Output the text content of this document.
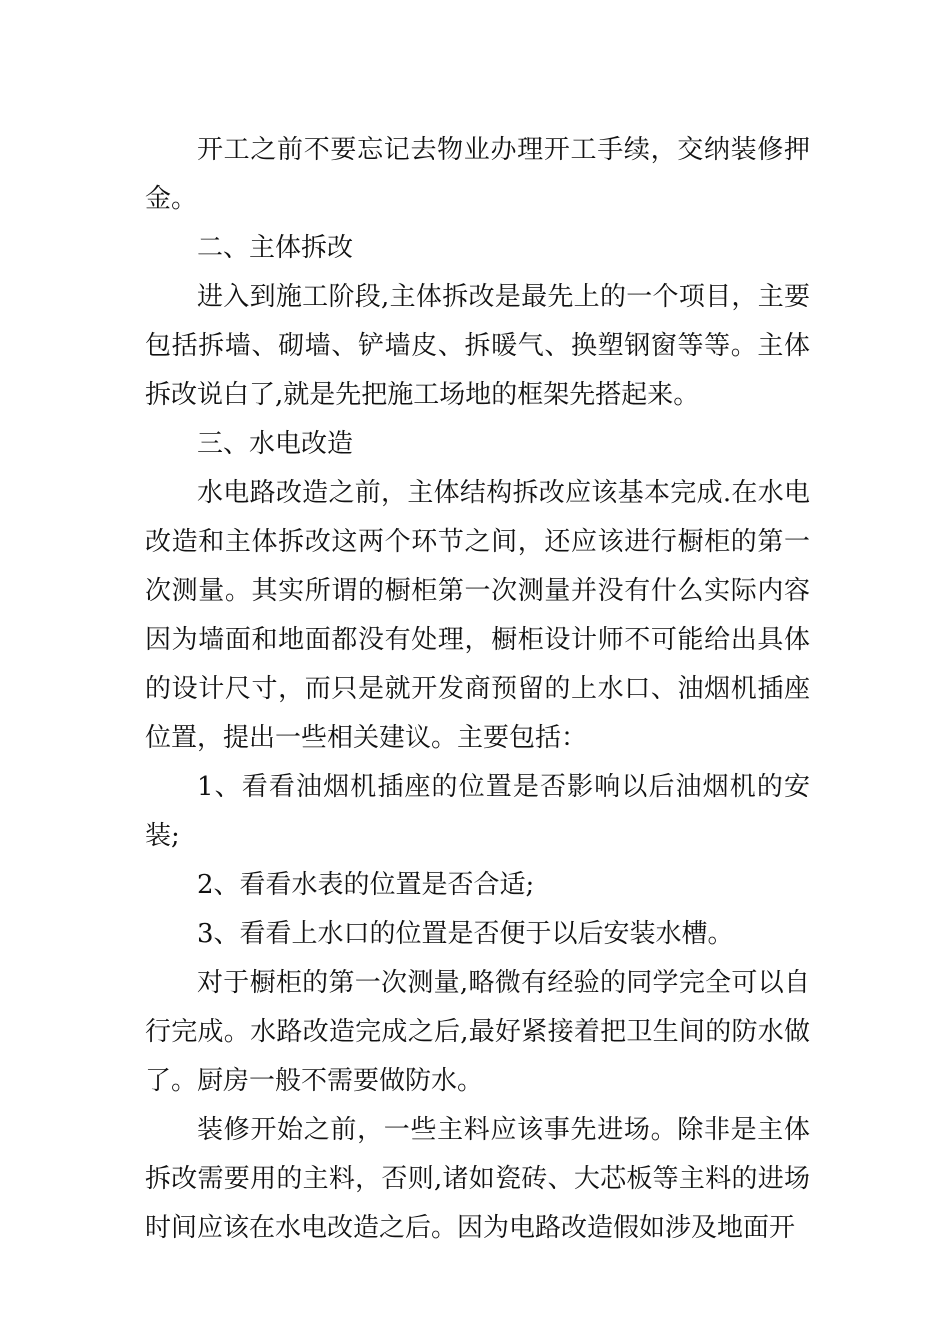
开工之前不要忘记去物业办理开工手续，交纳装修押金。

二、主体拆改

进入到施工阶段,主体拆改是最先上的一个项目，主要包括拆墙、砌墙、铲墙皮、拆暖气、换塑钢窗等等。主体拆改说白了,就是先把施工场地的框架先搭起来。

三、水电改造

水电路改造之前，主体结构拆改应该基本完成.在水电改造和主体拆改这两个环节之间，还应该进行橱柜的第一次测量。其实所谓的橱柜第一次测量并没有什么实际内容因为墙面和地面都没有处理，橱柜设计师不可能给出具体的设计尺寸，而只是就开发商预留的上水口、油烟机插座位置，提出一些相关建议。主要包括：

1、看看油烟机插座的位置是否影响以后油烟机的安装;

2、看看水表的位置是否合适;

3、看看上水口的位置是否便于以后安装水槽。

对于橱柜的第一次测量,略微有经验的同学完全可以自行完成。水路改造完成之后,最好紧接着把卫生间的防水做了。厨房一般不需要做防水。

装修开始之前，一些主料应该事先进场。除非是主体拆改需要用的主料，否则,诸如瓷砖、大芯板等主料的进场时间应该在水电改造之后。因为电路改造假如涉及地面开
